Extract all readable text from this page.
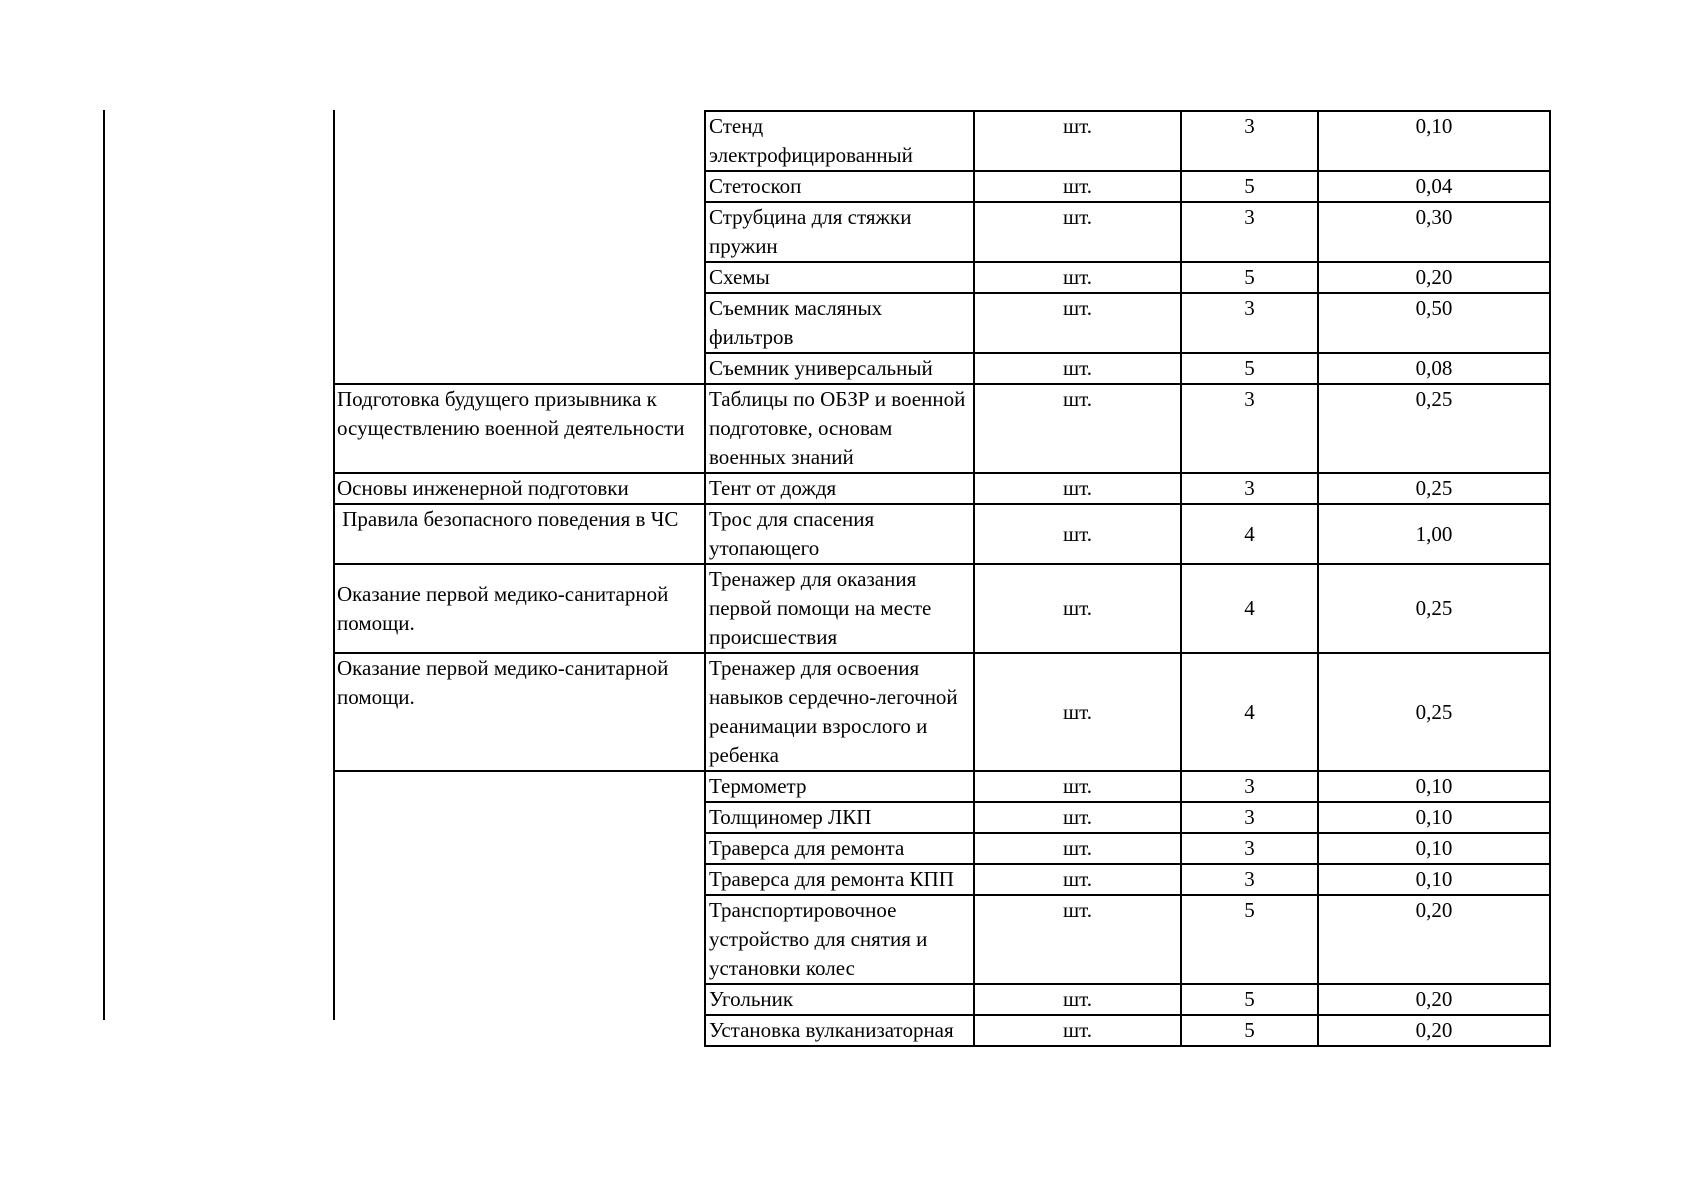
	Стенд электрофицированный	шт.	3	0,10
	Стетоскоп	шт.	5	0,04
	Струбцина для стяжки пружин	шт.	3	0,30
	Схемы	шт.	5	0,20
	Съемник масляных фильтров	шт.	3	0,50
	Съемник универсальный	шт.	5	0,08
Подготовка будущего призывника к осуществлению военной деятельности	Таблицы по ОБЗР и военной подготовке, основам военных знаний	шт.	3	0,25
Основы инженерной подготовки	Тент от дождя	шт.	3	0,25
Правила безопасного поведения в ЧС	Трос для спасения утопающего	шт.	4	1,00
Оказание первой медико-санитарной помощи.	Тренажер для оказания первой помощи на месте происшествия	шт.	4	0,25
Оказание первой медико-санитарной помощи.	Тренажер для освоения навыков сердечно-легочной реанимации взрослого и ребенка	шт.	4	0,25
	Термометр	шт.	3	0,10
	Толщиномер ЛКП	шт.	3	0,10
	Траверса для ремонта	шт.	3	0,10
	Траверса для ремонта КПП	шт.	3	0,10
	Транспортировочное устройство для снятия и установки колес	шт.	5	0,20
	Угольник	шт.	5	0,20
	Установка вулканизаторная	шт.	5	0,20
